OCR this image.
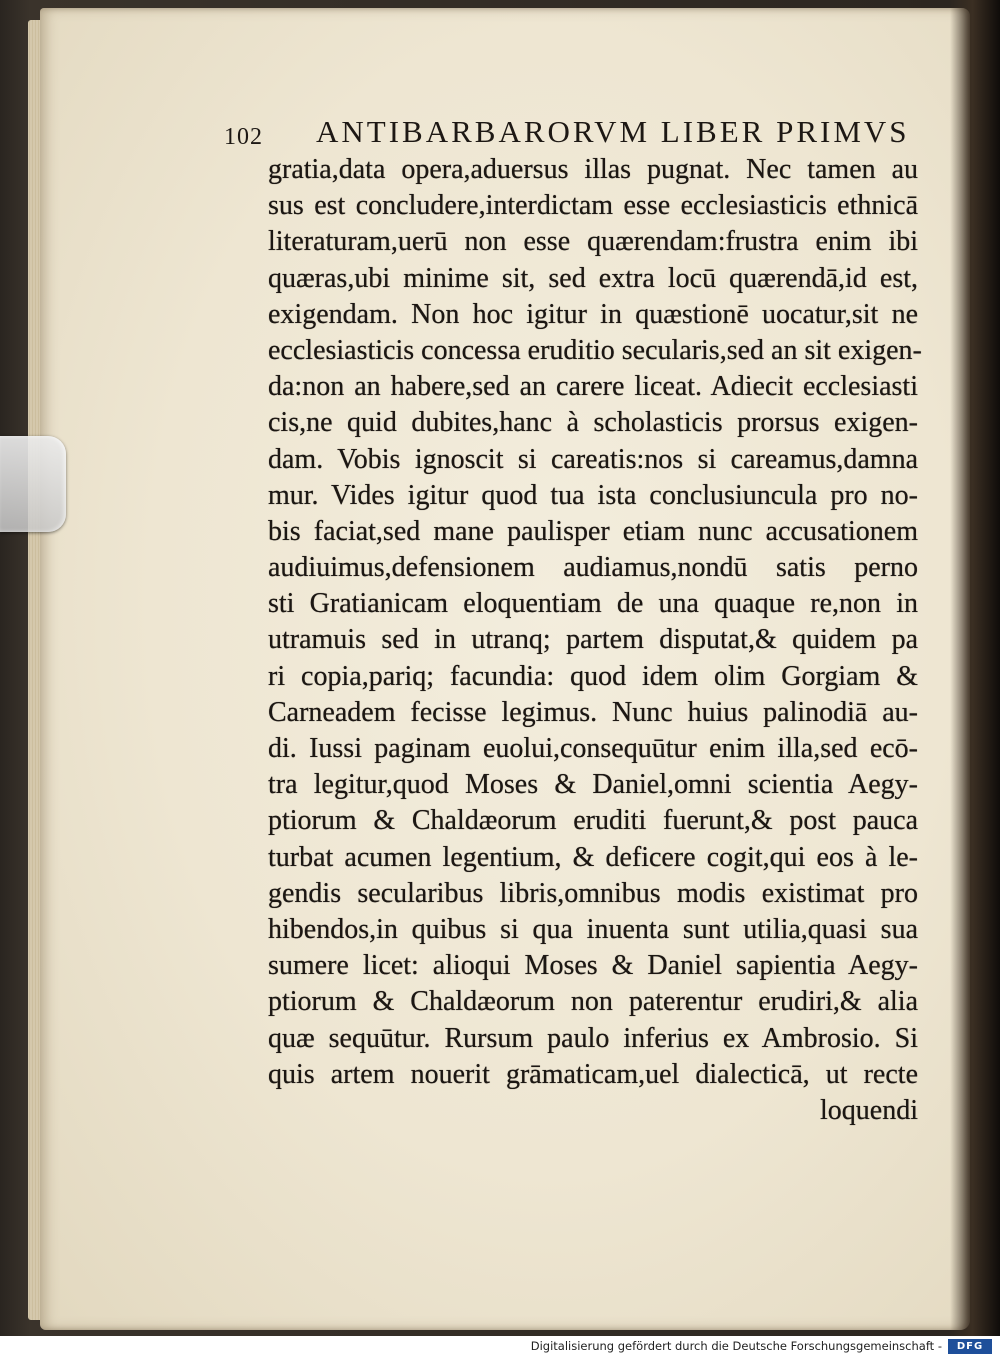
102 ANTIBARBARORVM LIBER PRIMVS
gratia,data opera,aduersus illas pugnat. Nec tamen au
sus est concludere,interdictam esse ecclesiasticis ethnicā
literaturam,uerū non esse quærendam:frustra enim ibi
quæras,ubi minime sit, sed extra locū quærendā,id est,
exigendam. Non hoc igitur in quæstionē uocatur,sit ne
ecclesiasticis concessa eruditio secularis,sed an sit exigen-
da:non an habere,sed an carere liceat. Adiecit ecclesiasti
cis,ne quid dubites,hanc à scholasticis prorsus exigen-
dam. Vobis ignoscit si careatis:nos si careamus,damna
mur. Vides igitur quod tua ista conclusiuncula pro no-
bis faciat,sed mane paulisper etiam nunc accusationem
audiuimus,defensionem audiamus,nondū satis perno
sti Gratianicam eloquentiam de una quaque re,non in
utramuis sed in utranq; partem disputat,& quidem pa
ri copia,pariq; facundia: quod idem olim Gorgiam &
Carneadem fecisse legimus. Nunc huius palinodiā au-
di. Iussi paginam euolui,consequūtur enim illa,sed ecō-
tra legitur,quod Moses & Daniel,omni scientia Aegy-
ptiorum & Chaldæorum eruditi fuerunt,& post pauca
turbat acumen legentium, & deficere cogit,qui eos à le-
gendis secularibus libris,omnibus modis existimat pro
hibendos,in quibus si qua inuenta sunt utilia,quasi sua
sumere licet: alioqui Moses & Daniel sapientia Aegy-
ptiorum & Chaldæorum non paterentur erudiri,& alia
quæ sequūtur. Rursum paulo inferius ex Ambrosio. Si
quis artem nouerit grāmaticam,uel dialecticā, ut recte
loquendi
Digitalisierung gefördert durch die Deutsche Forschungsgemeinschaft -	DFG
